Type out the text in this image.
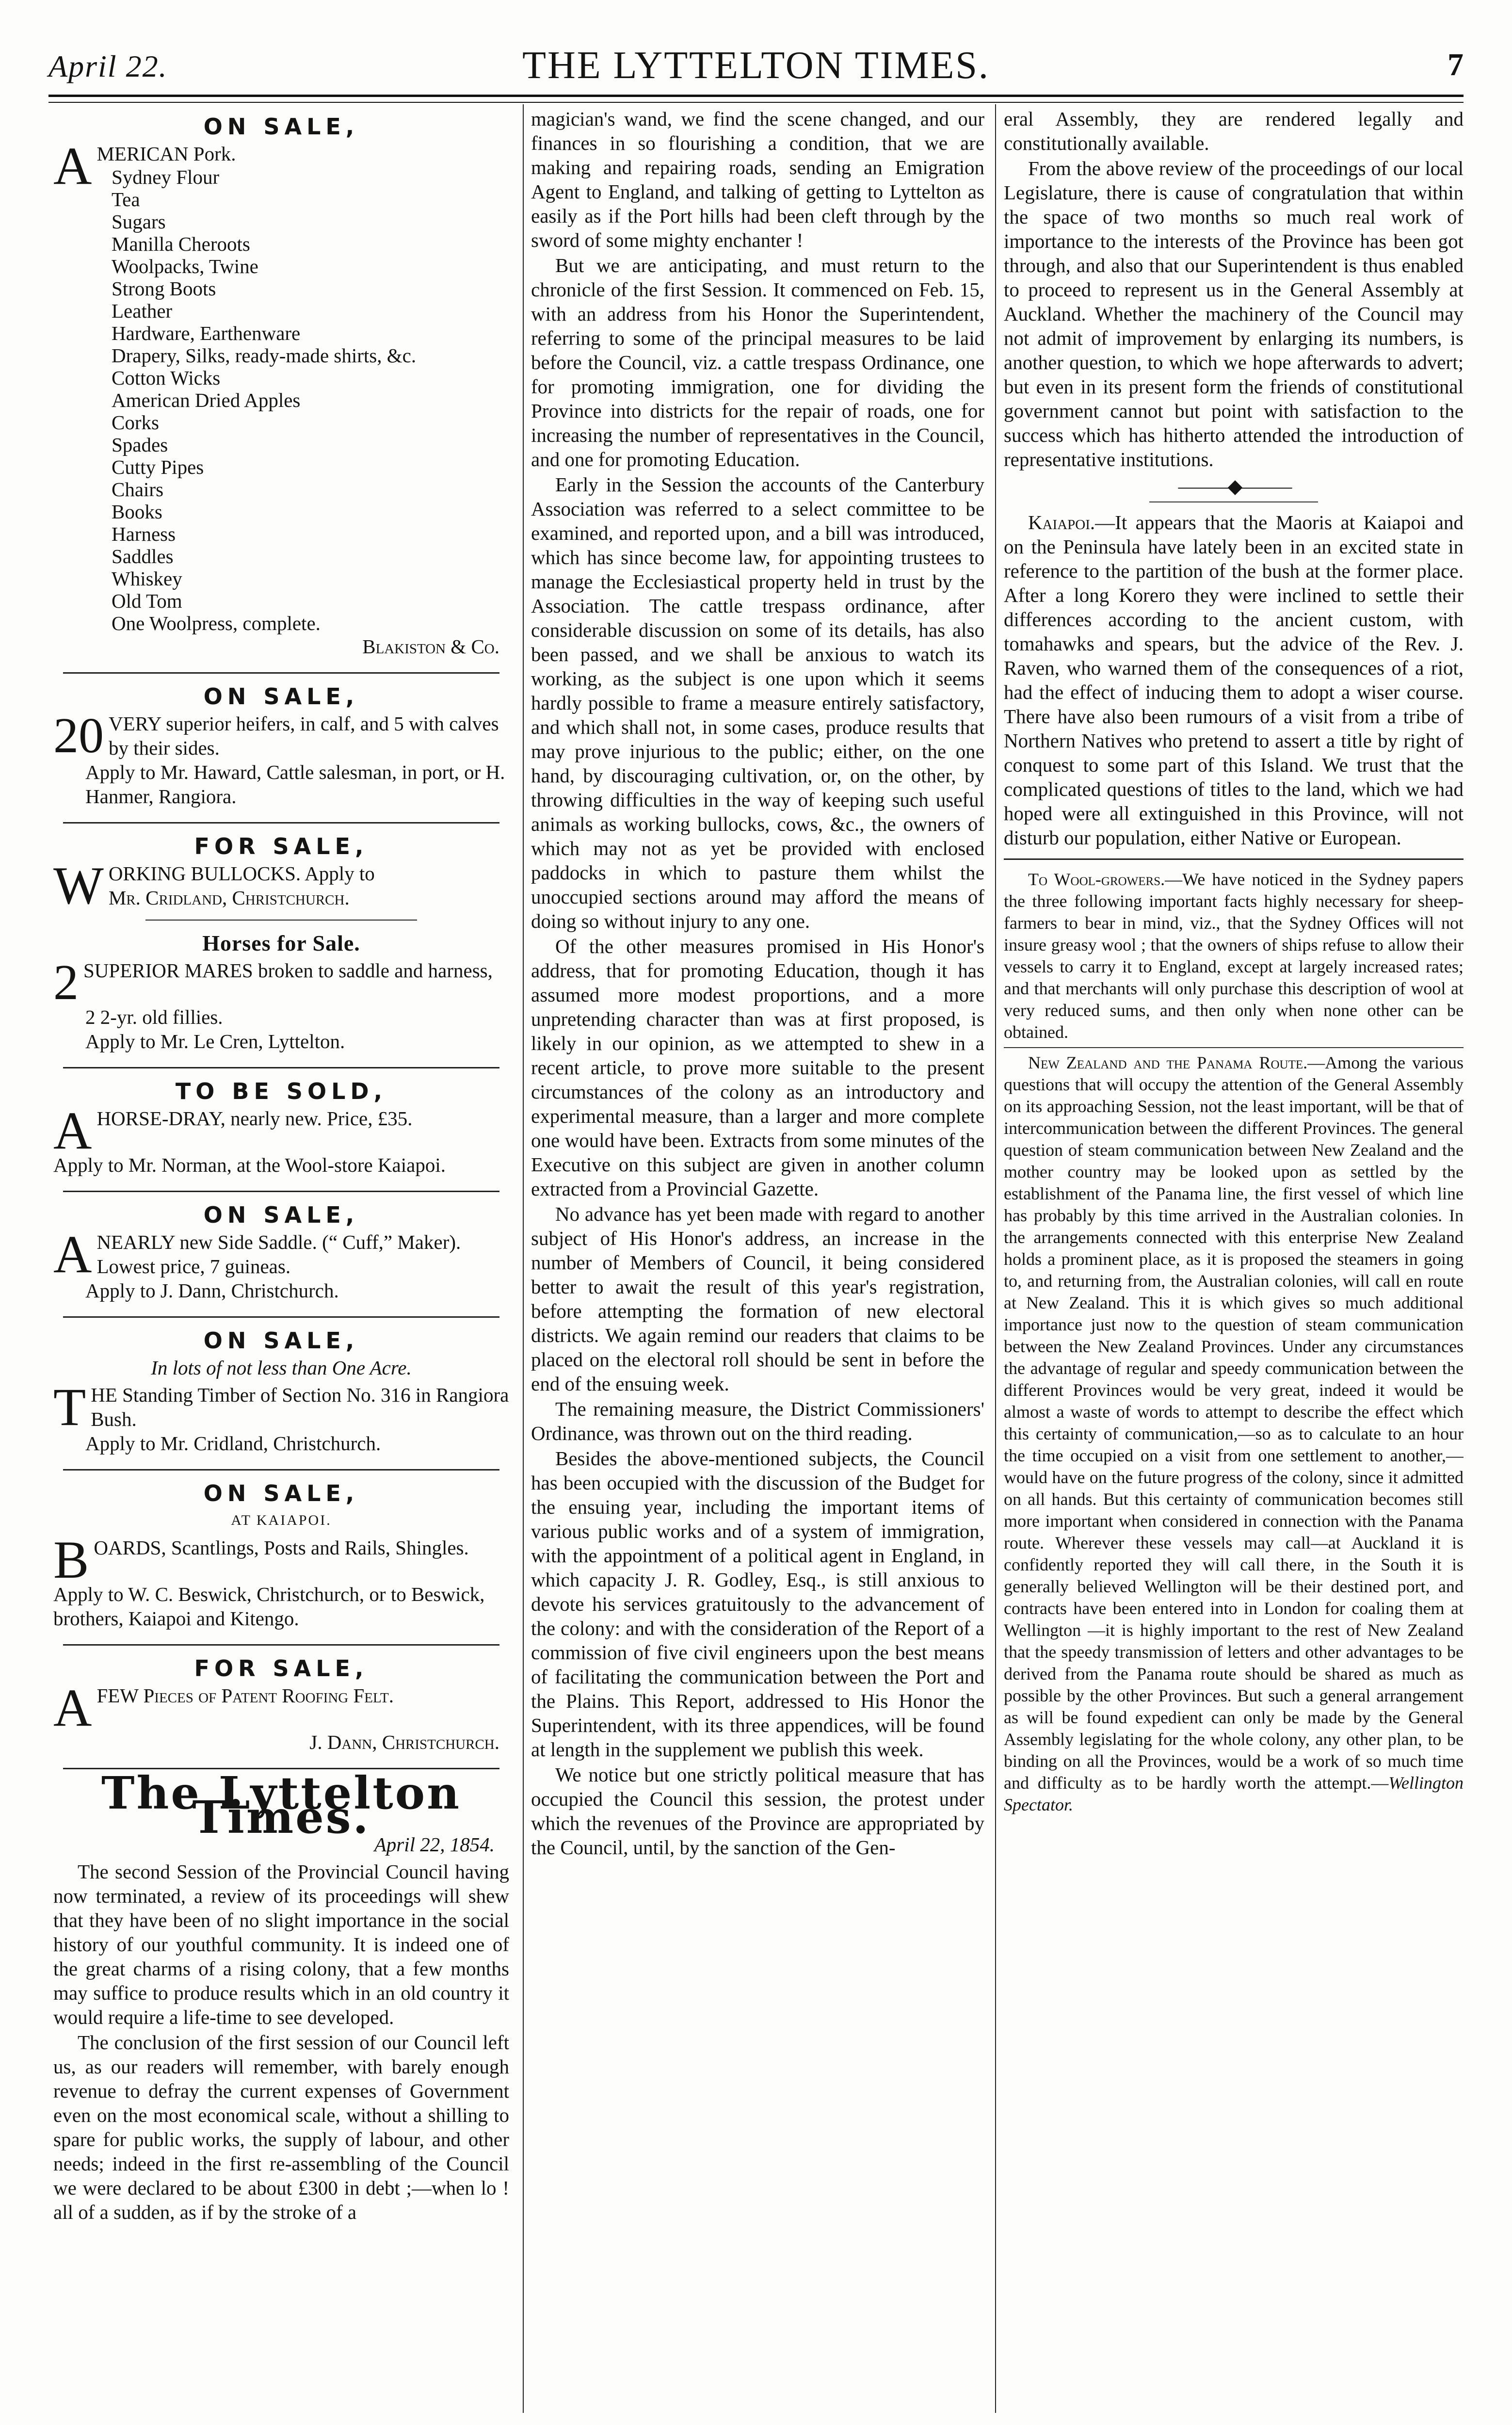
April 22.	THE LYTTELTON TIMES.	7
ON SALE,
AMERICAN Pork.
Sydney Flour
Tea
Sugars
Manilla Cheroots
Woolpacks, Twine
Strong Boots
Leather
Hardware, Earthenware
Drapery, Silks, ready-made shirts, &c.
Cotton Wicks
American Dried Apples
Corks
Spades
Cutty Pipes
Chairs
Books
Harness
Saddles
Whiskey
Old Tom
One Woolpress, complete.
Blakiston & Co.
ON SALE,
20 VERY superior heifers, in calf, and 5 with calves by their sides.
Apply to Mr. Haward, Cattle salesman, in port, or H. Hanmer, Rangiora.
FOR SALE,
WORKING BULLOCKS. Apply to
Mr. Cridland, Christchurch.
Horses for Sale.
2 SUPERIOR MARES broken to saddle and harness,
2 2-yr. old fillies.
Apply to Mr. Le Cren, Lyttelton.
TO BE SOLD,
AHORSE-DRAY, nearly new. Price, £35.
Apply to Mr. Norman, at the Wool-store Kaiapoi.
ON SALE,
ANEARLY new Side Saddle. (“ Cuff,” Maker). Lowest price, 7 guineas.
Apply to J. Dann, Christchurch.
ON SALE,
In lots of not less than One Acre.
THE Standing Timber of Section No. 316 in Rangiora Bush.
Apply to Mr. Cridland, Christchurch.
ON SALE,
AT KAIAPOI.
BOARDS, Scantlings, Posts and Rails, Shingles.
Apply to W. C. Beswick, Christchurch, or to Beswick, brothers, Kaiapoi and Kitengo.
FOR SALE,
AFEW Pieces of Patent Roofing Felt.
J. Dann, Christchurch.
The Lyttelton Times.
April 22, 1854.

The second Session of the Provincial Council having now terminated, a review of its proceedings will shew that they have been of no slight importance in the social history of our youthful community. It is indeed one of the great charms of a rising colony, that a few months may suffice to produce results which in an old country it would require a life-time to see developed.

The conclusion of the first session of our Council left us, as our readers will remember, with barely enough revenue to defray the current expenses of Government even on the most economical scale, without a shilling to spare for public works, the supply of labour, and other needs; indeed in the first re-assembling of the Council we were declared to be about £300 in debt ;—when lo ! all of a sudden, as if by the stroke of a

magician's wand, we find the scene changed, and our finances in so flourishing a condition, that we are making and repairing roads, sending an Emigration Agent to England, and talking of getting to Lyttelton as easily as if the Port hills had been cleft through by the sword of some mighty enchanter !

But we are anticipating, and must return to the chronicle of the first Session. It commenced on Feb. 15, with an address from his Honor the Superintendent, referring to some of the principal measures to be laid before the Council, viz. a cattle trespass Ordinance, one for promoting immigration, one for dividing the Province into districts for the repair of roads, one for increasing the number of representatives in the Council, and one for promoting Education.

Early in the Session the accounts of the Canterbury Association was referred to a select committee to be examined, and reported upon, and a bill was introduced, which has since become law, for appointing trustees to manage the Ecclesiastical property held in trust by the Association. The cattle trespass ordinance, after considerable discussion on some of its details, has also been passed, and we shall be anxious to watch its working, as the subject is one upon which it seems hardly possible to frame a measure entirely satisfactory, and which shall not, in some cases, produce results that may prove injurious to the public; either, on the one hand, by discouraging cultivation, or, on the other, by throwing difficulties in the way of keeping such useful animals as working bullocks, cows, &c., the owners of which may not as yet be provided with enclosed paddocks in which to pasture them whilst the unoccupied sections around may afford the means of doing so without injury to any one.

Of the other measures promised in His Honor's address, that for promoting Education, though it has assumed more modest proportions, and a more unpretending character than was at first proposed, is likely in our opinion, as we attempted to shew in a recent article, to prove more suitable to the present circumstances of the colony as an introductory and experimental measure, than a larger and more complete one would have been. Extracts from some minutes of the Executive on this subject are given in another column extracted from a Provincial Gazette.

No advance has yet been made with regard to another subject of His Honor's address, an increase in the number of Members of Council, it being considered better to await the result of this year's registration, before attempting the formation of new electoral districts. We again remind our readers that claims to be placed on the electoral roll should be sent in before the end of the ensuing week.

The remaining measure, the District Commissioners' Ordinance, was thrown out on the third reading.

Besides the above-mentioned subjects, the Council has been occupied with the discussion of the Budget for the ensuing year, including the important items of various public works and of a system of immigration, with the appointment of a political agent in England, in which capacity J. R. Godley, Esq., is still anxious to devote his services gratuitously to the advancement of the colony: and with the consideration of the Report of a commission of five civil engineers upon the best means of facilitating the communication between the Port and the Plains. This Report, addressed to His Honor the Superintendent, with its three appendices, will be found at length in the supplement we publish this week.

We notice but one strictly political measure that has occupied the Council this session, the protest under which the revenues of the Province are appropriated by the Council, until, by the sanction of the Gen-

eral Assembly, they are rendered legally and constitutionally available.

From the above review of the proceedings of our local Legislature, there is cause of congratulation that within the space of two months so much real work of importance to the interests of the Province has been got through, and also that our Superintendent is thus enabled to proceed to represent us in the General Assembly at Auckland. Whether the machinery of the Council may not admit of improvement by enlarging its numbers, is another question, to which we hope afterwards to advert; but even in its present form the friends of constitutional government cannot but point with satisfaction to the success which has hitherto attended the introduction of representative institutions.

———◆———

Kaiapoi.—It appears that the Maoris at Kaiapoi and on the Peninsula have lately been in an excited state in reference to the partition of the bush at the former place. After a long Korero they were inclined to settle their differences according to the ancient custom, with tomahawks and spears, but the advice of the Rev. J. Raven, who warned them of the consequences of a riot, had the effect of inducing them to adopt a wiser course. There have also been rumours of a visit from a tribe of Northern Natives who pretend to assert a title by right of conquest to some part of this Island. We trust that the complicated questions of titles to the land, which we had hoped were all extinguished in this Province, will not disturb our population, either Native or European.

To Wool-growers.—We have noticed in the Sydney papers the three following important facts highly necessary for sheep-farmers to bear in mind, viz., that the Sydney Offices will not insure greasy wool ; that the owners of ships refuse to allow their vessels to carry it to England, except at largely increased rates; and that merchants will only purchase this description of wool at very reduced sums, and then only when none other can be obtained.

New Zealand and the Panama Route.—Among the various questions that will occupy the attention of the General Assembly on its approaching Session, not the least important, will be that of intercommunication between the different Provinces. The general question of steam communication between New Zealand and the mother country may be looked upon as settled by the establishment of the Panama line, the first vessel of which line has probably by this time arrived in the Australian colonies. In the arrangements connected with this enterprise New Zealand holds a prominent place, as it is proposed the steamers in going to, and returning from, the Australian colonies, will call en route at New Zealand. This it is which gives so much additional importance just now to the question of steam communication between the New Zealand Provinces. Under any circumstances the advantage of regular and speedy communication between the different Provinces would be very great, indeed it would be almost a waste of words to attempt to describe the effect which this certainty of communication,—so as to calculate to an hour the time occupied on a visit from one settlement to another,—would have on the future progress of the colony, since it admitted on all hands. But this certainty of communication becomes still more important when considered in connection with the Panama route. Wherever these vessels may call—at Auckland it is confidently reported they will call there, in the South it is generally believed Wellington will be their destined port, and contracts have been entered into in London for coaling them at Wellington —it is highly important to the rest of New Zealand that the speedy transmission of letters and other advantages to be derived from the Panama route should be shared as much as possible by the other Provinces. But such a general arrangement as will be found expedient can only be made by the General Assembly legislating for the whole colony, any other plan, to be binding on all the Provinces, would be a work of so much time and difficulty as to be hardly worth the attempt.—Wellington Spectator.
